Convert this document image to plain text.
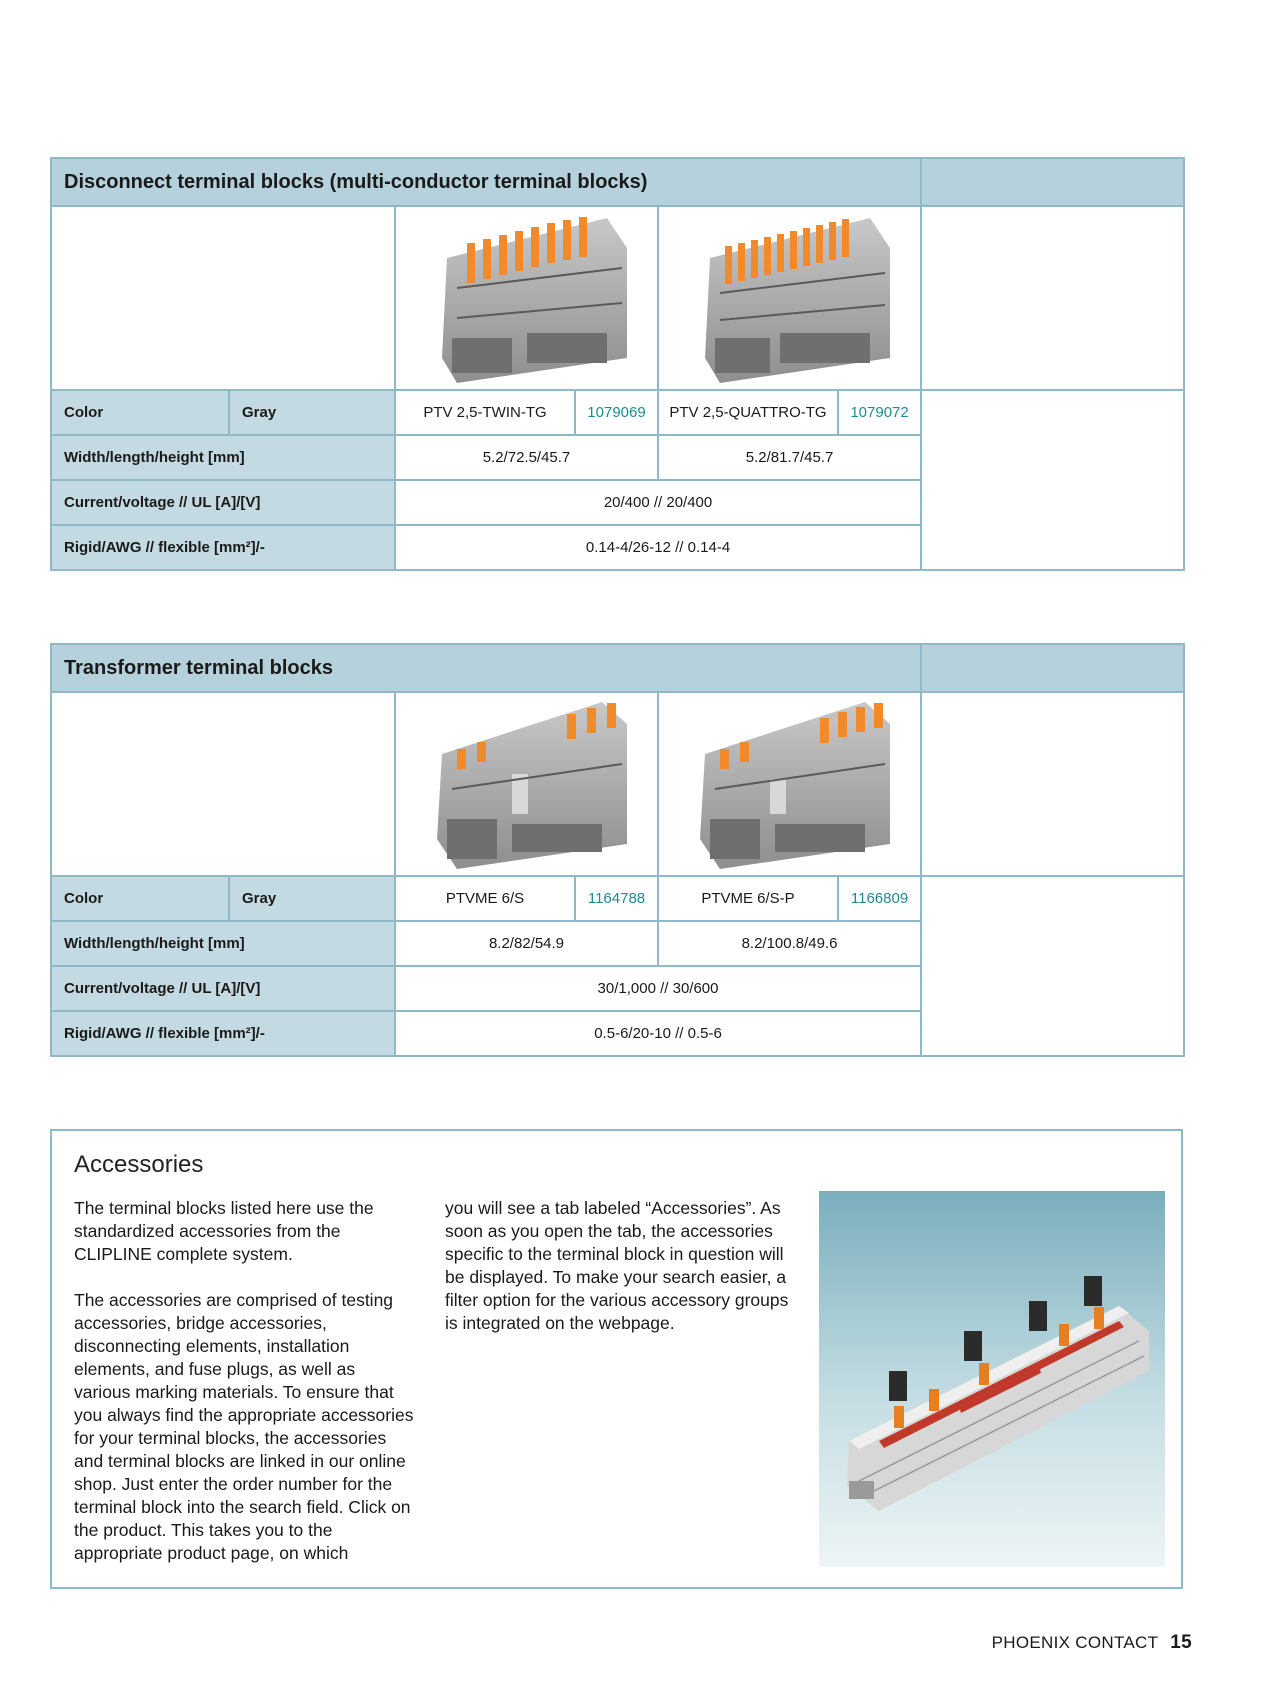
Disconnect terminal blocks (multi-conductor terminal blocks)						

Color	Gray	PTV 2,5-TWIN-TG	1079069	PTV 2,5-QUATTRO-TG	1079072	
Width/length/height [mm]		5.2/72.5/45.7		5.2/81.7/45.7		
Current/voltage // UL [A]/[V]		20/400 // 20/400				
Rigid/AWG // flexible [mm²]/-		0.14-4/26-12 // 0.14-4				
Transformer terminal blocks						

Color	Gray	PTVME 6/S	1164788	PTVME 6/S-P	1166809	
Width/length/height [mm]		8.2/82/54.9		8.2/100.8/49.6		
Current/voltage // UL [A]/[V]		30/1,000 // 30/600				
Rigid/AWG // flexible [mm²]/-		0.5-6/20-10 // 0.5-6				
Accessories

The terminal blocks listed here use the standardized accessories from the CLIPLINE complete system.

The accessories are comprised of testing accessories, bridge accessories, disconnecting elements, installation elements, and fuse plugs, as well as various marking materials. To ensure that you always find the appropriate accessories for your terminal blocks, the accessories and terminal blocks are linked in our online shop. Just enter the order number for the terminal block into the search field. Click on the product. This takes you to the appropriate product page, on which

you will see a tab labeled “Accessories”. As soon as you open the tab, the accessories specific to the terminal block in question will be displayed. To make your search easier, a filter option for the various accessory groups is integrated on the webpage.

PHOENIX CONTACT 15
